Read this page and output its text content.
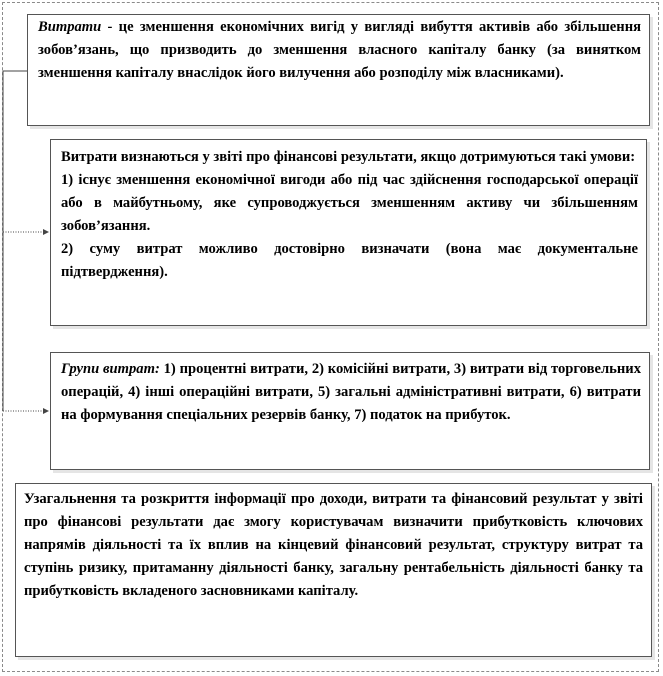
Витрати - це зменшення економічних вигід у вигляді вибуття активів або збільшення зобов’язань, що призводить до зменшення власного капіталу банку (за винятком зменшення капіталу внаслідок його вилучення або розподілу між власниками).

Витрати визнаються у звіті про фінансові результати, якщо дотримуються такі умови:

1) існує зменшення економічної вигоди або під час здійснення господарської операції або в майбутньому, яке супроводжується зменшенням активу чи збільшенням зобов’язання.

2) суму витрат можливо достовірно визначати (вона має документальне підтвердження).

Групи витрат: 1) процентні витрати, 2) комісійні витрати, 3) витрати від торговельних операцій, 4) інші операційні витрати, 5) загальні адміністративні витрати, 6) витрати на формування спеціальних резервів банку, 7) податок на прибуток.

Узагальнення та розкриття інформації про доходи, витрати та фінансовий результат у звіті про фінансові результати дає змогу користувачам визначити прибутковість ключових напрямів діяльності та їх вплив на кінцевий фінансовий результат, структуру витрат та ступінь ризику, притаманну діяльності банку, загальну рентабельність діяльності банку та прибутковість вкладеного засновниками капіталу.
